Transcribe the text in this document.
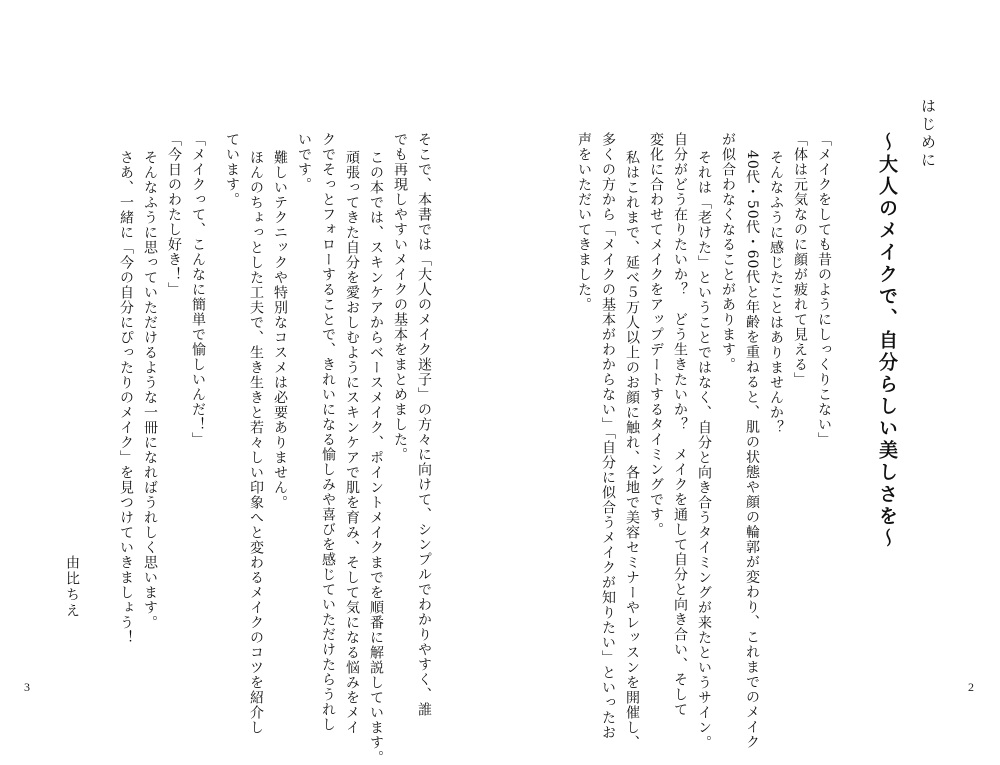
はじめに
〜大人のメイクで、自分らしい美しさを〜
「メイクをしても昔のようにしっくりこない」
「体は元気なのに顔が疲れて見える」
そんなふうに感じたことはありませんか？
40代・50代・60代と年齢を重ねると、肌の状態や顔の輪郭が変わり、これまでのメイク
が似合わなくなることがあります。
それは「老けた」ということではなく、自分と向き合うタイミングが来たというサイン。
自分がどう在りたいか？　どう生きたいか？　メイクを通して自分と向き合い、そして
変化に合わせてメイクをアップデートするタイミングです。
私はこれまで、延べ５万人以上のお顔に触れ、各地で美容セミナーやレッスンを開催し、
多くの方から「メイクの基本がわからない」「自分に似合うメイクが知りたい」といったお
声をいただいてきました。
そこで、本書では「大人のメイク迷子」の方々に向けて、シンプルでわかりやすく、誰
でも再現しやすいメイクの基本をまとめました。
この本では、スキンケアからベースメイク、ポイントメイクまでを順番に解説しています。
頑張ってきた自分を愛おしむようにスキンケアで肌を育み、そして気になる悩みをメイ
クでそっとフォローすることで、きれいになる愉しみや喜びを感じていただけたらうれし
いです。
難しいテクニックや特別なコスメは必要ありません。
ほんのちょっとした工夫で、生き生きと若々しい印象へと変わるメイクのコツを紹介し
ています。
「メイクって、こんなに簡単で愉しいんだ！」
「今日のわたし好き！」
そんなふうに思っていただけるような一冊になればうれしく思います。
さあ、一緒に「今の自分にぴったりのメイク」を見つけていきましょう！
由比ちえ
3	2
